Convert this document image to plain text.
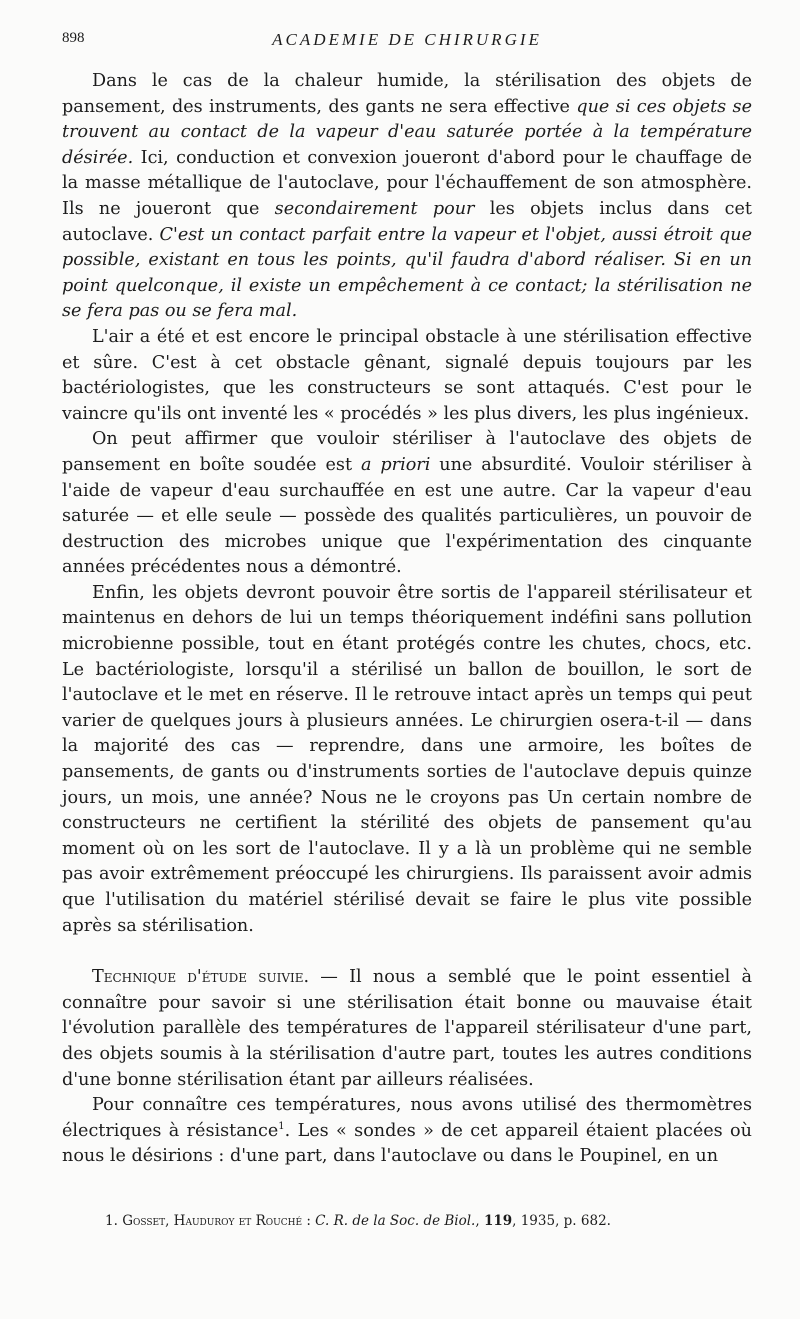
898	ACADEMIE DE CHIRURGIE

Dans le cas de la chaleur humide, la stérilisation des objets de pansement, des instruments, des gants ne sera effective que si ces objets se trouvent au contact de la vapeur d'eau saturée portée à la température désirée. Ici, conduction et convexion joueront d'abord pour le chauffage de la masse métallique de l'autoclave, pour l'échauffement de son atmosphère. Ils ne joueront que secondairement pour les objets inclus dans cet autoclave. C'est un contact parfait entre la vapeur et l'objet, aussi étroit que possible, existant en tous les points, qu'il faudra d'abord réaliser. Si en un point quelconque, il existe un empêchement à ce contact; la stérilisation ne se fera pas ou se fera mal.

L'air a été et est encore le principal obstacle à une stérilisation effective et sûre. C'est à cet obstacle gênant, signalé depuis toujours par les bactériologistes, que les constructeurs se sont attaqués. C'est pour le vaincre qu'ils ont inventé les « procédés » les plus divers, les plus ingénieux.

On peut affirmer que vouloir stériliser à l'autoclave des objets de pansement en boîte soudée est a priori une absurdité. Vouloir stériliser à l'aide de vapeur d'eau surchauffée en est une autre. Car la vapeur d'eau saturée — et elle seule — possède des qualités particulières, un pouvoir de destruction des microbes unique que l'expérimentation des cinquante années précédentes nous a démontré.

Enfin, les objets devront pouvoir être sortis de l'appareil stérilisateur et maintenus en dehors de lui un temps théoriquement indéfini sans pollution microbienne possible, tout en étant protégés contre les chutes, chocs, etc. Le bactériologiste, lorsqu'il a stérilisé un ballon de bouillon, le sort de l'autoclave et le met en réserve. Il le retrouve intact après un temps qui peut varier de quelques jours à plusieurs années. Le chirurgien osera-t-il — dans la majorité des cas — reprendre, dans une armoire, les boîtes de pansements, de gants ou d'instruments sorties de l'autoclave depuis quinze jours, un mois, une année? Nous ne le croyons pas Un certain nombre de constructeurs ne certifient la stérilité des objets de pansement qu'au moment où on les sort de l'autoclave. Il y a là un problème qui ne semble pas avoir extrêmement préoccupé les chirurgiens. Ils paraissent avoir admis que l'utilisation du matériel stérilisé devait se faire le plus vite possible après sa stérilisation.

Technique d'étude suivie. — Il nous a semblé que le point essentiel à connaître pour savoir si une stérilisation était bonne ou mauvaise était l'évolution parallèle des températures de l'appareil stérilisateur d'une part, des objets soumis à la stérilisation d'autre part, toutes les autres conditions d'une bonne stérilisation étant par ailleurs réalisées.

Pour connaître ces températures, nous avons utilisé des thermomètres électriques à résistance$^1$. Les « sondes » de cet appareil étaient placées où nous le désirions : d'une part, dans l'autoclave ou dans le Poupinel, en un

1. Gosset, Hauduroy et Rouché : C. R. de la Soc. de Biol., 119, 1935, p. 682.
